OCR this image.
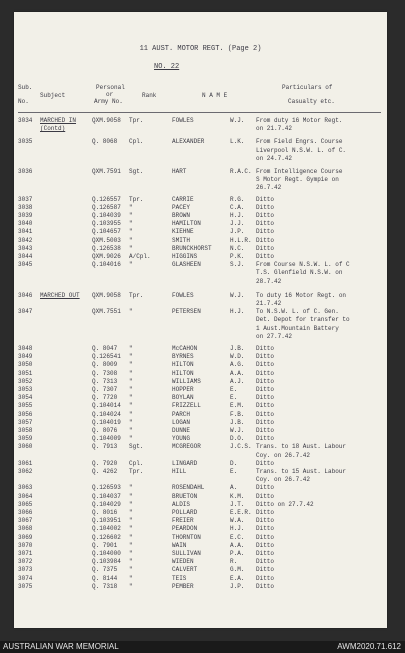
11 AUST. MOTOR REGT. (Page 2)
NO. 22
Sub.
No.
Subject
Personal
or
Army No.
Rank	N A M E
Particulars of
Casualty etc.
3034 MARCHED IN	QXM.9058 Tpr.	FOWLES	W.J. From duty 16 Motor Regt.
(Contd)	on 21.7.42
3035	Q. 8068 Cpl.	ALEXANDER	L.K. From Field Engrs. Course
Liverpool N.S.W. L. of C.
on 24.7.42
3036	QXM.7591 Sgt.	HART	R.A.C. From Intelligence Course
S Motor Regt. Gympie on
26.7.42
3037	Q.126557 Tpr.	CARRIE	R.G. Ditto
3038	Q.126587 "	PACEY	C.A. Ditto
3039	Q.104039 "	BROWN	H.J. Ditto
3040	Q.103955 "	HAMILTON	J.J. Ditto
3041	Q.104657 "	KIEHNE	J.P. Ditto
3042	QXM.5003 "	SMITH	H.L.R. Ditto
3043	Q.126538 "	BRUNCKHORST	N.C. Ditto
3044	QXM.9026 A/Cpl.	HIGGINS	P.K. Ditto
3045	Q.104016 "	GLASHEEN	S.J. From Course N.S.W. L. of C
T.S. Glenfield N.S.W. on
28.7.42
3046 MARCHED OUT QXM.9058 Tpr.	FOWLES	W.J. To duty 16 Motor Regt. on
21.7.42
3047	QXM.7551 "	PETERSEN	H.J. To N.S.W. L. of C. Gen.
Det. Depot for transfer to
1 Aust.Mountain Battery
on 27.7.42
3048	Q. 8047 "	McCAHON	J.B. Ditto
3049	Q.126541 "	BYRNES	W.D. Ditto
3050	Q. 8009 "	HILTON	A.G. Ditto
3051	Q. 7308 "	HILTON	A.A. Ditto
3052	Q. 7313 "	WILLIAMS	A.J. Ditto
3053	Q. 7307 "	HOPPER	E.	Ditto
3054	Q. 7720 "	BOYLAN	E.	Ditto
3055	Q.104014 "	FRIZZELL	E.M. Ditto
3056	Q.104024 "	PARCH	F.B. Ditto
3057	Q.104019 "	LOGAN	J.B. Ditto
3058	Q. 8076 "	DUNNE	W.J. Ditto
3059	Q.104009 "	YOUNG	D.O. Ditto
3060	Q. 7913 Sgt.	MCGREGOR	J.C.S. Trans. to 18 Aust. Labour
Coy. on 26.7.42
3061	Q. 7920 Cpl.	LINGARD	D.	Ditto
3062	Q. 4262 Tpr.	HILL	E.	Trans. to 15 Aust. Labour
Coy. on 26.7.42
3063	Q.126593 "	ROSENDAHL	A.	Ditto
3064	Q.104037 "	BRUETON	K.M. Ditto
3065	Q.104029 "	ALDIS	J.T. Ditto on 27.7.42
3066	Q. 8016 "	POLLARD	E.E.R. Ditto
3067	Q.103951 "	FREIER	W.A. Ditto
3068	Q.104002 "	PEARDON	H.J. Ditto
3069	Q.126602 "	THORNTON	E.C. Ditto
3070	Q. 7901 "	WAIN	A.A. Ditto
3071	Q.104000 "	SULLIVAN	P.A. Ditto
3072	Q.103984 "	WIEDEN	R.	Ditto
3073	Q. 7375 "	CALVERT	G.M. Ditto
3074	Q. 8144 "	TEIS	E.A. Ditto
3075	Q. 7318 "	PEMBER	J.P. Ditto
AUSTRALIAN WAR MEMORIAL	AWM2020.71.612
